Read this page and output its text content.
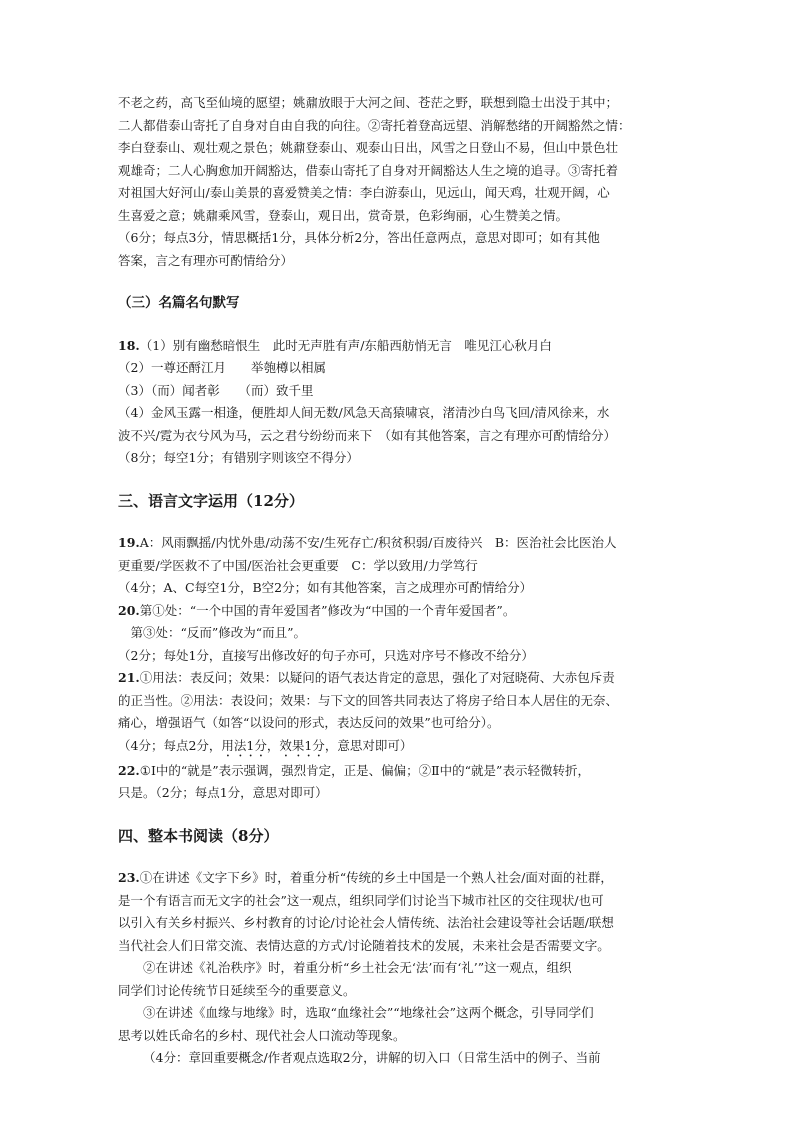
不老之药，高飞至仙境的愿望；姚鼐放眼于大河之间、苍茫之野，联想到隐士出没于其中；

二人都借泰山寄托了自身对自由自我的向往。②寄托着登高远望、消解愁绪的开阔豁然之情：

李白登泰山、观壮观之景色；姚鼐登泰山、观泰山日出，风雪之日登山不易，但山中景色壮

观雄奇；二人心胸愈加开阔豁达，借泰山寄托了自身对开阔豁达人生之境的追寻。③寄托着

对祖国大好河山/泰山美景的喜爱赞美之情：李白游泰山，见远山，闻天鸡，壮观开阔，心

生喜爱之意；姚鼐乘风雪，登泰山，观日出，赏奇景，色彩绚丽，心生赞美之情。

（6分；每点3分，情思概括1分，具体分析2分，答出任意两点，意思对即可；如有其他

答案，言之有理亦可酌情给分）

（三）名篇名句默写

18.（1）别有幽愁暗恨生　此时无声胜有声/东船西舫悄无言　唯见江心秋月白

（2）一尊还酹江月　　举匏樽以相属

（3）（而）闻者彰　　（而）致千里

（4）金风玉露一相逢，便胜却人间无数/风急天高猿啸哀，渚清沙白鸟飞回/清风徐来，水

波不兴/霓为衣兮风为马，云之君兮纷纷而来下　（如有其他答案，言之有理亦可酌情给分）

（8分；每空1分；有错别字则该空不得分）

三、语言文字运用（12分）

19.A：风雨飘摇/内忧外患/动荡不安/生死存亡/积贫积弱/百废待兴　B：医治社会比医治人

更重要/学医救不了中国/医治社会更重要　C：学以致用/力学笃行

（4分；A、C每空1分，B空2分；如有其他答案，言之成理亦可酌情给分）

20.第①处：“一个中国的青年爱国者”修改为“中国的一个青年爱国者”。

第③处：“反而”修改为“而且”。

（2分；每处1分，直接写出修改好的句子亦可，只选对序号不修改不给分）

21.①用法：表反问；效果：以疑问的语气表达肯定的意思，强化了对冠晓荷、大赤包斥责

的正当性。②用法：表设问；效果：与下文的回答共同表达了将房子给日本人居住的无奈、

痛心，增强语气（如答“以设问的形式，表达反问的效果”也可给分）。

（4分；每点2分，用法1分，效果1分，意思对即可）

22.①Ⅰ中的“就是”表示强调，强烈肯定，正是、偏偏；②Ⅱ中的“就是”表示轻微转折，

只是。（2分；每点1分，意思对即可）

四、整本书阅读（8分）

23.①在讲述《文字下乡》时，着重分析“传统的乡土中国是一个熟人社会/面对面的社群，

是一个有语言而无文字的社会”这一观点，组织同学们讨论当下城市社区的交往现状/也可

以引入有关乡村振兴、乡村教育的讨论/讨论社会人情传统、法治社会建设等社会话题/联想

当代社会人们日常交流、表情达意的方式/讨论随着技术的发展，未来社会是否需要文字。

②在讲述《礼治秩序》时，着重分析“乡土社会无‘法’而有‘礼’”这一观点，组织

同学们讨论传统节日延续至今的重要意义。

③在讲述《血缘与地缘》时，选取“血缘社会”“地缘社会”这两个概念，引导同学们

思考以姓氏命名的乡村、现代社会人口流动等现象。

（4分：章回重要概念/作者观点选取2分，讲解的切入口（日常生活中的例子、当前
